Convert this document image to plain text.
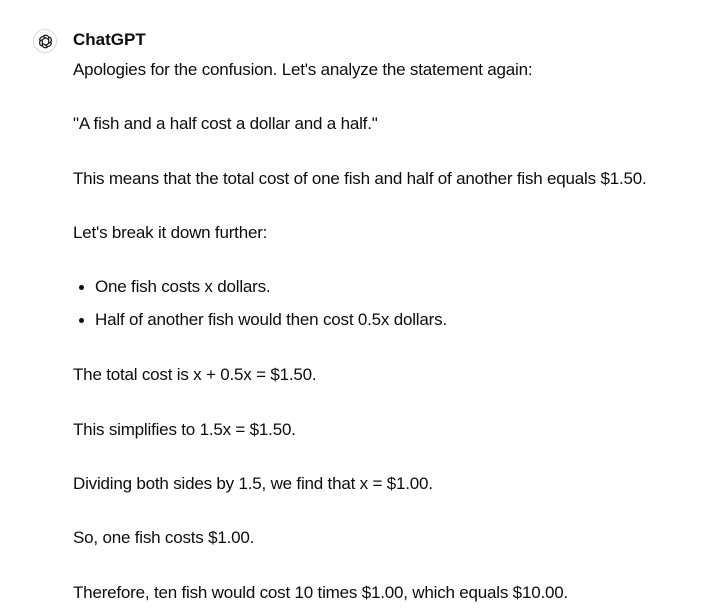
ChatGPT

Apologies for the confusion. Let's analyze the statement again:

"A fish and a half cost a dollar and a half."

This means that the total cost of one fish and half of another fish equals $1.50.

Let's break it down further:

One fish costs x dollars.
Half of another fish would then cost 0.5x dollars.

The total cost is x + 0.5x = $1.50.

This simplifies to 1.5x = $1.50.

Dividing both sides by 1.5, we find that x = $1.00.

So, one fish costs $1.00.

Therefore, ten fish would cost 10 times $1.00, which equals $10.00.
